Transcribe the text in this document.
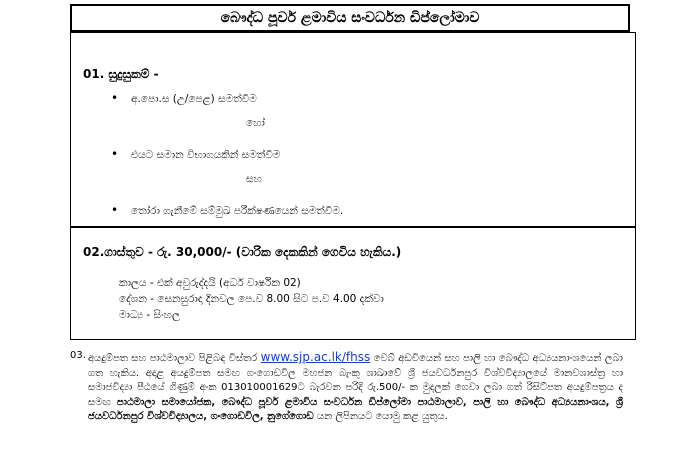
බෞද්ධ පූර්ව ළමාවිය සංවර්ධන ඩිප්ලෝමාව
01. සුදුසුකම් -
• අ.පො.ස (උ/පෙළ) සමත්වීම
හෝ
• එයට සමාන විභාගයකින් සමත්වීම
සහ
• තෝරා ගැනීමේ සම්මුඛ පරීක්ෂණයෙන් සමත්වීම.
02.ගාස්තුව - රු. 30,000/- (වාරික දෙකකින් ගෙවිය හැකිය.)
කාලය - එක් අවුරුද්දයි (අර්ධ වාර්ෂික 02)
දේශන - සෙනසුරාදා දිනවල පෙ.ව 8.00 සිට ප.ව 4.00 දක්වා
මාධ්‍ය - සිංහල
03. අයදුම්පත සහ පාඨමාලාව පිළිබඳ විස්තර www.sjp.ac.lk/fhss වෙබ් අඩවියෙන් සහ පාලි හා බෞද්ධ අධ්‍යයනාංශයෙන් ලබා ගත හැකිය. අදාළ අයදුම්පත සමඟ ගංගොඩවිල මහජන බැංකු ශාඛාවේ ශ්‍රී ජයවර්ධනපුර විශ්වවිද්‍යාලයේ මානවශාස්ත්‍ර හා සමාජවිද්‍යා පීඨයේ ගිණුම් අංක 013010001629ට බැරවන පරිදි රු.500/- ක මුදලක් ගෙවා ලබා ගත් රිසිට්පත අයදුම්පත්‍රය ද සමඟ පාඨමාලා සමායෝජක, බෞද්ධ පූර්ව ළමාවිය සංවර්ධන ඩිප්ලෝමා පාඨමාලාව, පාලි හා බෞද්ධ අධ්‍යයනාංශය, ශ්‍රී ජයවර්ධනපුර විශ්වවිද්‍යාලය, ගංගොඩවිල, නුගේගොඩ යන ලිපිනයට යොමු කළ යුතුය.
